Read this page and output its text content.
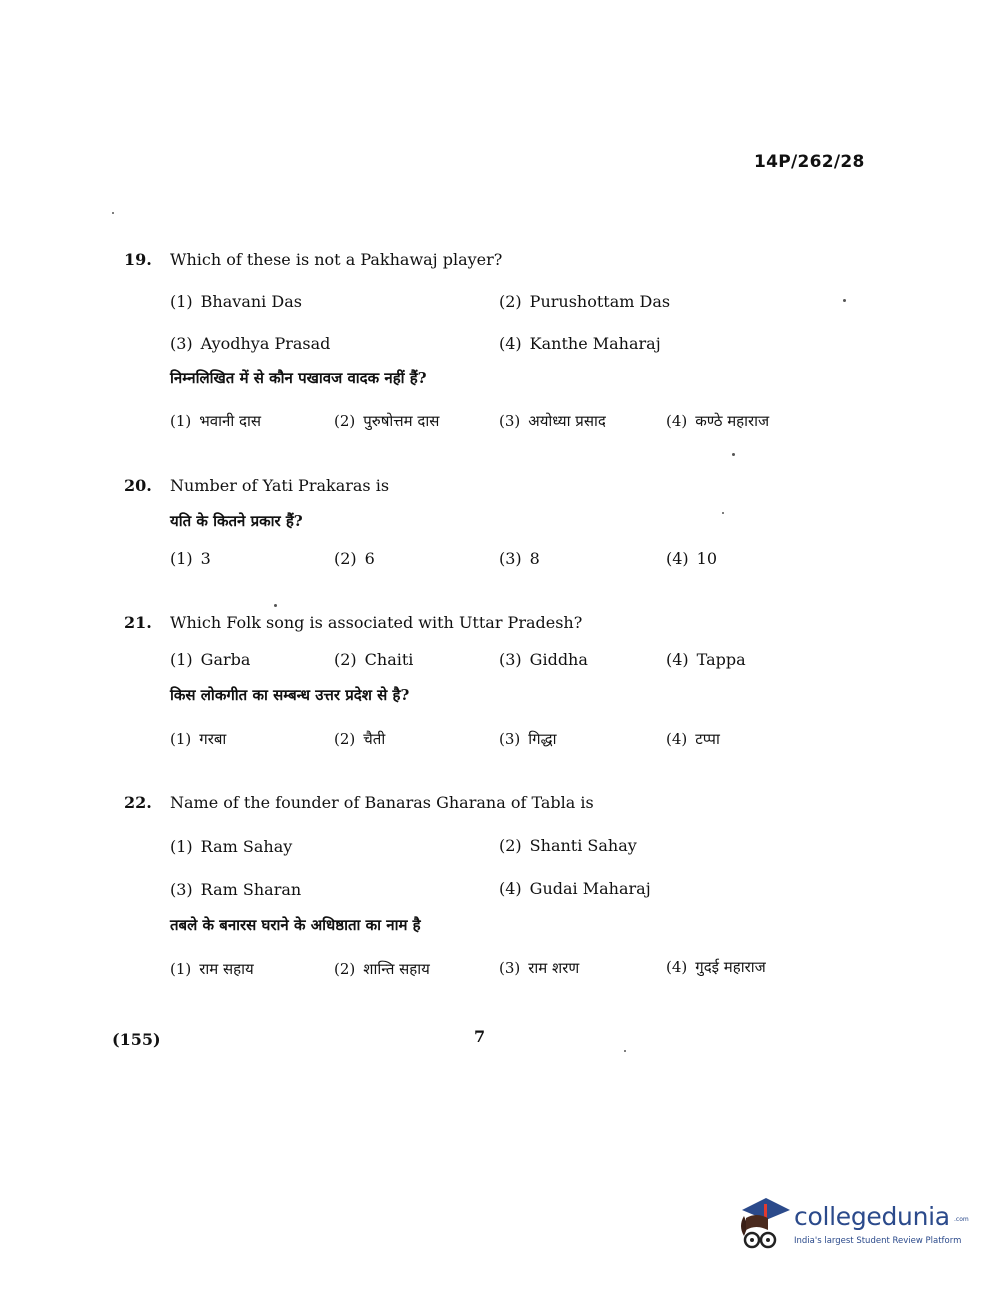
14P/262/28
19. Which of these is not a Pakhawaj player?
(1) Bhavani Das	(2) Purushottam Das
(3) Ayodhya Prasad	(4) Kanthe Maharaj
निम्नलिखित में से कौन पखावज वादक नहीं हैं?
(1) भवानी दास	(2) पुरुषोत्तम दास	(3) अयोध्या प्रसाद	(4) कण्ठे महाराज
20. Number of Yati Prakaras is
यति के कितने प्रकार हैं?
(1) 3	(2) 6	(3) 8	(4) 10
21. Which Folk song is associated with Uttar Pradesh?
(1) Garba	(2) Chaiti	(3) Giddha	(4) Tappa
किस लोकगीत का सम्बन्ध उत्तर प्रदेश से है?
(1) गरबा	(2) चैती	(3) गिद्धा	(4) टप्पा
22. Name of the founder of Banaras Gharana of Tabla is
(1) Ram Sahay	(2) Shanti Sahay
(3) Ram Sharan	(4) Gudai Maharaj
तबले के बनारस घराने के अधिष्ठाता का नाम है
(1) राम सहाय	(2) शान्ति सहाय	(3) राम शरण	(4) गुदई महाराज
(155)	7
collegedunia .com
India's largest Student Review Platform
